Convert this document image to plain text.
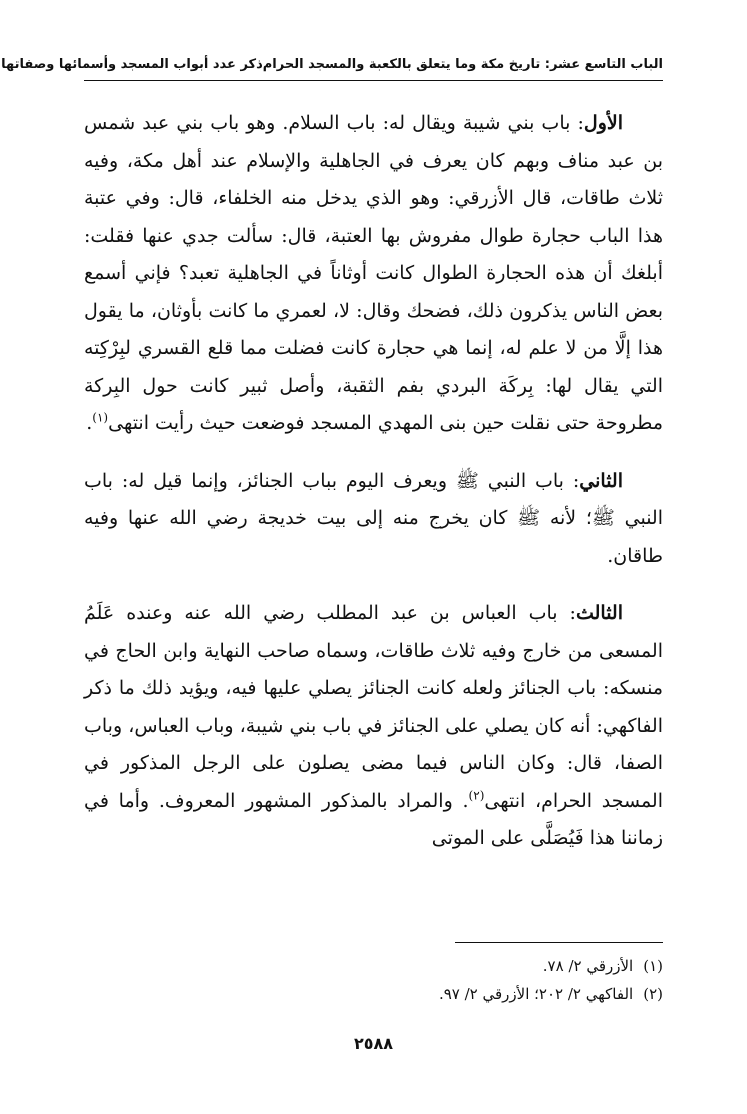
الباب التاسع عشر: تاريخ مكة وما يتعلق بالكعبة والمسجد الحرام
ذكر عدد أبواب المسجد وأسمائها وصفاتها

الأول: باب بني شيبة ويقال له: باب السلام. وهو باب بني عبد شمس بن عبد مناف وبهم كان يعرف في الجاهلية والإسلام عند أهل مكة، وفيه ثلاث طاقات، قال الأزرقي: وهو الذي يدخل منه الخلفاء، قال: وفي عتبة هذا الباب حجارة طوال مفروش بها العتبة، قال: سألت جدي عنها فقلت: أبلغك أن هذه الحجارة الطوال كانت أوثاناً في الجاهلية تعبد؟ فإني أسمع بعض الناس يذكرون ذلك، فضحك وقال: لا، لعمري ما كانت بأوثان، ما يقول هذا إلَّا من لا علم له، إنما هي حجارة كانت فضلت مما قلع القسري لبِرْكِته التي يقال لها: بِركَة البردي بفم الثقبة، وأصل ثبير كانت حول البِركة مطروحة حتى نقلت حين بنى المهدي المسجد فوضعت حيث رأيت انتهى$^{(١)}$.

الثاني: باب النبي ﷺ ويعرف اليوم بباب الجنائز، وإنما قيل له: باب النبي ﷺ؛ لأنه ﷺ كان يخرج منه إلى بيت خديجة رضي الله عنها وفيه طاقان.

الثالث: باب العباس بن عبد المطلب رضي الله عنه وعنده عَلَمُ المسعى من خارج وفيه ثلاث طاقات، وسماه صاحب النهاية وابن الحاج في منسكه: باب الجنائز ولعله كانت الجنائز يصلي عليها فيه، ويؤيد ذلك ما ذكر الفاكهي: أنه كان يصلي على الجنائز في باب بني شيبة، وباب العباس، وباب الصفا، قال: وكان الناس فيما مضى يصلون على الرجل المذكور في المسجد الحرام، انتهى$^{(٢)}$. والمراد بالمذكور المشهور المعروف. وأما في زماننا هذا فَيُصَلَّى على الموتى

(١)الأزرقي ٢/ ٧٨.

(٢)الفاكهي ٢/ ٢٠٢؛ الأزرقي ٢/ ٩٧.

٢٥٨٨
